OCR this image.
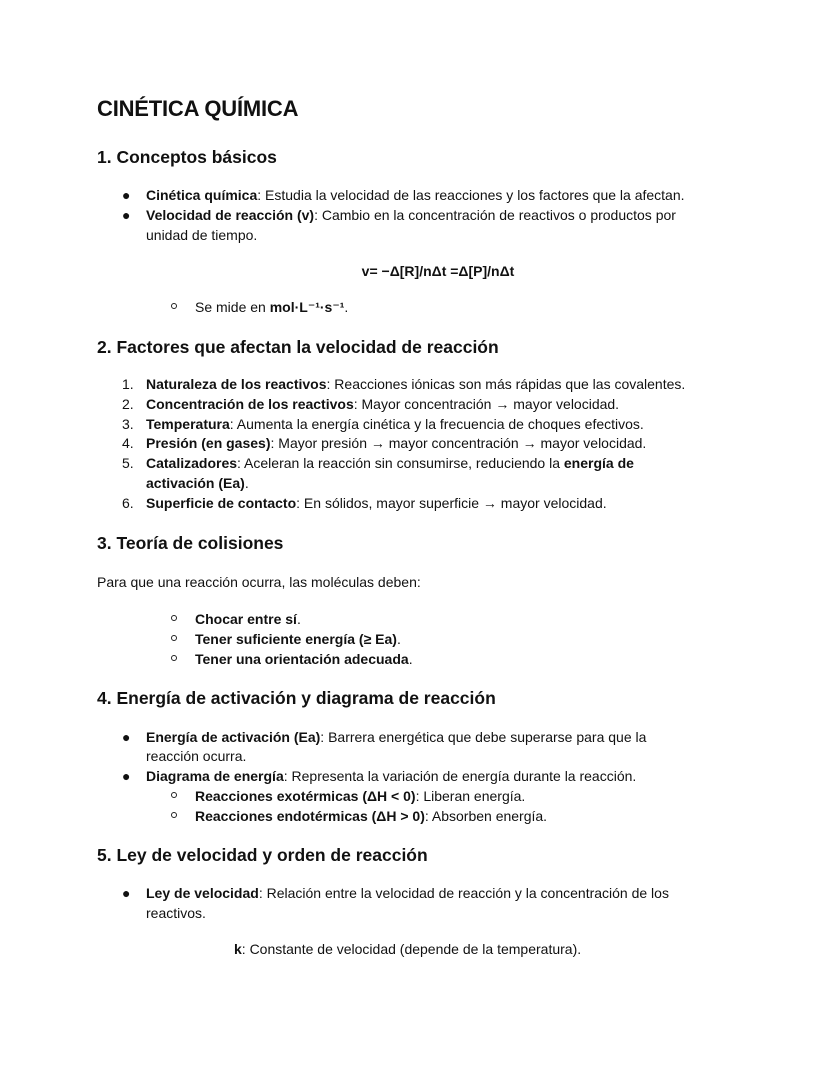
CINÉTICA QUÍMICA
1. Conceptos básicos
● Cinética química: Estudia la velocidad de las reacciones y los factores que la afectan.
● Velocidad de reacción (v): Cambio en la concentración de reactivos o productos por
unidad de tiempo.
v= −Δ[R]/nΔt =Δ[P]/nΔt
Se mide en mol·L⁻¹·s⁻¹.
2. Factores que afectan la velocidad de reacción
1. Naturaleza de los reactivos: Reacciones iónicas son más rápidas que las covalentes.
2. Concentración de los reactivos: Mayor concentración → mayor velocidad.
3. Temperatura: Aumenta la energía cinética y la frecuencia de choques efectivos.
4. Presión (en gases): Mayor presión → mayor concentración → mayor velocidad.
5. Catalizadores: Aceleran la reacción sin consumirse, reduciendo la energía de
activación (Ea).
6. Superficie de contacto: En sólidos, mayor superficie → mayor velocidad.
3. Teoría de colisiones
Para que una reacción ocurra, las moléculas deben:
Chocar entre sí.
Tener suficiente energía (≥ Ea).
Tener una orientación adecuada.
4. Energía de activación y diagrama de reacción
● Energía de activación (Ea): Barrera energética que debe superarse para que la
reacción ocurra.
● Diagrama de energía: Representa la variación de energía durante la reacción.
Reacciones exotérmicas (ΔH < 0): Liberan energía.
Reacciones endotérmicas (ΔH > 0): Absorben energía.
5. Ley de velocidad y orden de reacción
● Ley de velocidad: Relación entre la velocidad de reacción y la concentración de los
reactivos.
k: Constante de velocidad (depende de la temperatura).
